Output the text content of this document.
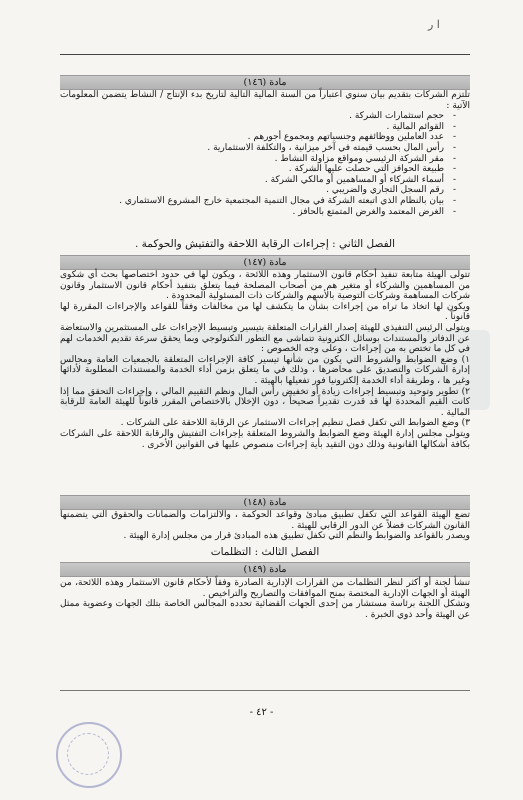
ا ر
مادة (١٤٦)

تلتزم الشركات بتقديم بيان سنوي اعتباراً من السنة المالية التالية لتاريخ بدء الإنتاج / النشاط يتضمن المعلومات الآتية :

- حجم استثمارات الشركة .
- القوائم المالية .
- عدد العاملين ووظائفهم وجنسياتهم ومجموع أجورهم .
- رأس المال بحسب قيمته في آخر ميزانية ، والتكلفة الاستثمارية .
- مقر الشركة الرئيسي ومواقع مزاولة النشاط .
- طبيعة الحوافز التي حصلت عليها الشركة .
- أسماء الشركاء أو المساهمين أو مالكي الشركة .
- رقم السجل التجاري والضريبي .
- بيان بالنظام الذي اتبعته الشركة في مجال التنمية المجتمعية خارج المشروع الاستثماري .
- الغرض المعتمد والغرض المتمتع بالحافز .
الفصل الثاني : إجراءات الرقابة اللاحقة والتفتيش والحوكمة .
مادة (١٤٧)

تتولى الهيئة متابعة تنفيذ أحكام قانون الاستثمار وهذه اللائحة ، ويكون لها في حدود اختصاصها بحث أي شكوى من المساهمين والشركاء أو متغير هم من أصحاب المصلحة فيما يتعلق بتنفيذ أحكام قانون الاستثمار وقانون شركات المساهمة وشركات التوصية بالأسهم والشركات ذات المسئولية المحدودة .

ويكون لها اتخاذ ما تراه من إجراءات بشأن ما يتكشف لها من مخالفات وفقاً للقواعد والإجراءات المقررة لها قانوناً .

ويتولى الرئيس التنفيذي للهيئة إصدار القرارات المتعلقة بتيسير وتبسيط الإجراءات على المستثمرين والاستعاضة عن الدفاتر والمستندات بوسائل الكترونية تتماشى مع التطور التكنولوجي وبما يحقق سرعة تقديم الخدمات لهم في كل ما تختص به من إجراءات ، وعلى وجه الخصوص :

١) وضع الضوابط والشروط التي يكون من شأنها تيسير كافة الإجراءات المتعلقة بالجمعيات العامة ومجالس إدارة الشركات والتصديق على محاضرها ، وذلك في ما يتعلق بزمن أداء الخدمة والمستندات المطلوبة لأدائها وغير ها ، وطريقة أداء الخدمة إلكترونيا فور تفعيلها بالهيئة .

٢) تطوير وتوحيد وتبسيط إجراءات زيادة أو تخفيض رأس المال ونظم التقييم المالي ، وإجراءات التحقق مما إذا كانت القيم المحددة لها قد قدرت تقديراً صحيحاً ، دون الإخلال بالاختصاص المقرر قانوناً للهيئة العامة للرقابة المالية .

٣) وضع الضوابط التي تكفل فصل تنظيم إجراءات الاستثمار عن الرقابة اللاحقة على الشركات .

ويتولى مجلس إدارة الهيئة وضع الضوابط والشروط المتعلقة بإجراءات التفتيش والرقابة اللاحقة على الشركات بكافة أشكالها القانونية وذلك دون التقيد بأية إجراءات منصوص عليها في القوانين الأخرى .

مادة (١٤٨)

تضع الهيئة القواعد التي تكفل تطبيق مبادئ وقواعد الحوكمة ، والالتزامات والضمانات والحقوق التي يتضمنها القانون الشركات فضلاً عن الدور الرقابي للهيئة .

ويصدر بالقواعد والضوابط والنظم التي تكفل تطبيق هذه المبادئ قرار من مجلس إدارة الهيئة .

الفصل الثالث : التظلمات
مادة (١٤٩)

تنشأ لجنة أو أكثر لنظر التظلمات من القرارات الإدارية الصادرة وفقاً لأحكام قانون الاستثمار وهذه اللائحة، من الهيئة أو الجهات الإدارية المختصة بمنح الموافقات والتصاريح والتراخيص .

وتشكل اللجنة برئاسة مستشار من إحدى الجهات القضائية تحدده المجالس الخاصة بتلك الجهات وعضوية ممثل عن الهيئة وأحد ذوي الخبرة .

- ٤٢ -
